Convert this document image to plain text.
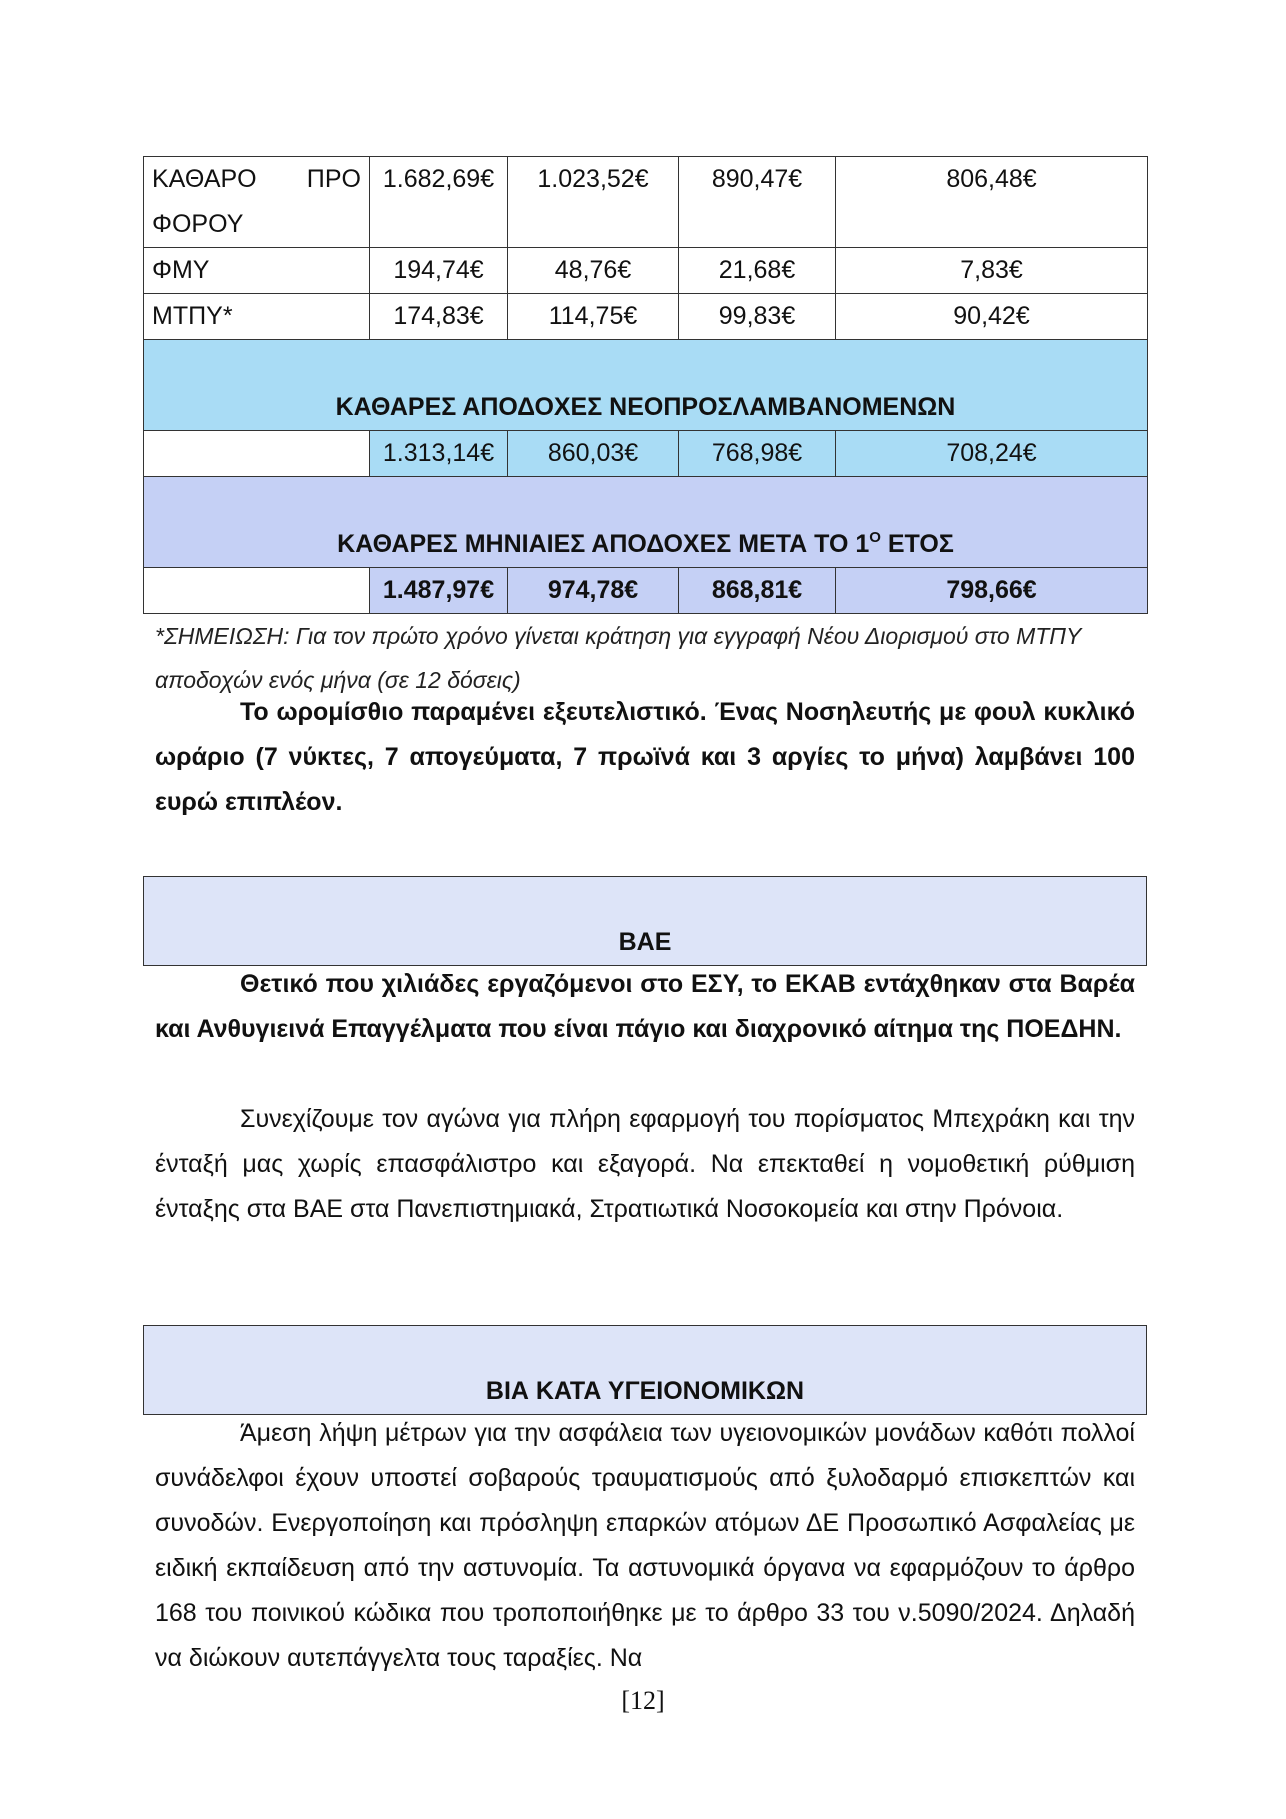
ΚΑΘΑΡΟ ΠΡΟ ΦΟΡΟΥ	1.682,69€	1.023,52€	890,47€	806,48€
ΦΜΥ	194,74€	48,76€	21,68€	7,83€
ΜΤΠΥ*	174,83€	114,75€	99,83€	90,42€
ΚΑΘΑΡΕΣ ΑΠΟΔΟΧΕΣ ΝΕΟΠΡΟΣΛΑΜΒΑΝΟΜΕΝΩΝ				
	1.313,14€	860,03€	768,98€	708,24€
ΚΑΘΑΡΕΣ ΜΗΝΙΑΙΕΣ ΑΠΟΔΟΧΕΣ ΜΕΤΑ ΤΟ $1^O$ ΕΤΟΣ				
	1.487,97€	974,78€	868,81€	798,66€
*ΣΗΜΕΙΩΣΗ: Για τον πρώτο χρόνο γίνεται κράτηση για εγγραφή Νέου Διορισμού στο ΜΤΠΥ αποδοχών ενός μήνα (σε 12 δόσεις)
Το ωρομίσθιο παραμένει εξευτελιστικό. Ένας Νοσηλευτής με φουλ κυκλικό ωράριο (7 νύκτες, 7 απογεύματα, 7 πρωϊνά και 3 αργίες το μήνα) λαμβάνει 100 ευρώ επιπλέον.
ΒΑΕ
Θετικό που χιλιάδες εργαζόμενοι στο ΕΣΥ, το ΕΚΑΒ εντάχθηκαν στα Βαρέα και Ανθυγιεινά Επαγγέλματα που είναι πάγιο και διαχρονικό αίτημα της ΠΟΕΔΗΝ.
Συνεχίζουμε τον αγώνα για πλήρη εφαρμογή του πορίσματος Μπεχράκη και την ένταξή μας χωρίς επασφάλιστρο και εξαγορά. Να επεκταθεί η νομοθετική ρύθμιση ένταξης στα ΒΑΕ στα Πανεπιστημιακά, Στρατιωτικά Νοσοκομεία και στην Πρόνοια.
ΒΙΑ ΚΑΤΑ ΥΓΕΙΟΝΟΜΙΚΩΝ
Άμεση λήψη μέτρων για την ασφάλεια των υγειονομικών μονάδων καθότι πολλοί συνάδελφοι έχουν υποστεί σοβαρούς τραυματισμούς από ξυλοδαρμό επισκεπτών και συνοδών. Ενεργοποίηση και πρόσληψη επαρκών ατόμων ΔΕ Προσωπικό Ασφαλείας με ειδική εκπαίδευση από την αστυνομία. Τα αστυνομικά όργανα να εφαρμόζουν το άρθρο 168 του ποινικού κώδικα που τροποποιήθηκε με το άρθρο 33 του ν.5090/2024. Δηλαδή να διώκουν αυτεπάγγελτα τους ταραξίες. Να
[12]
